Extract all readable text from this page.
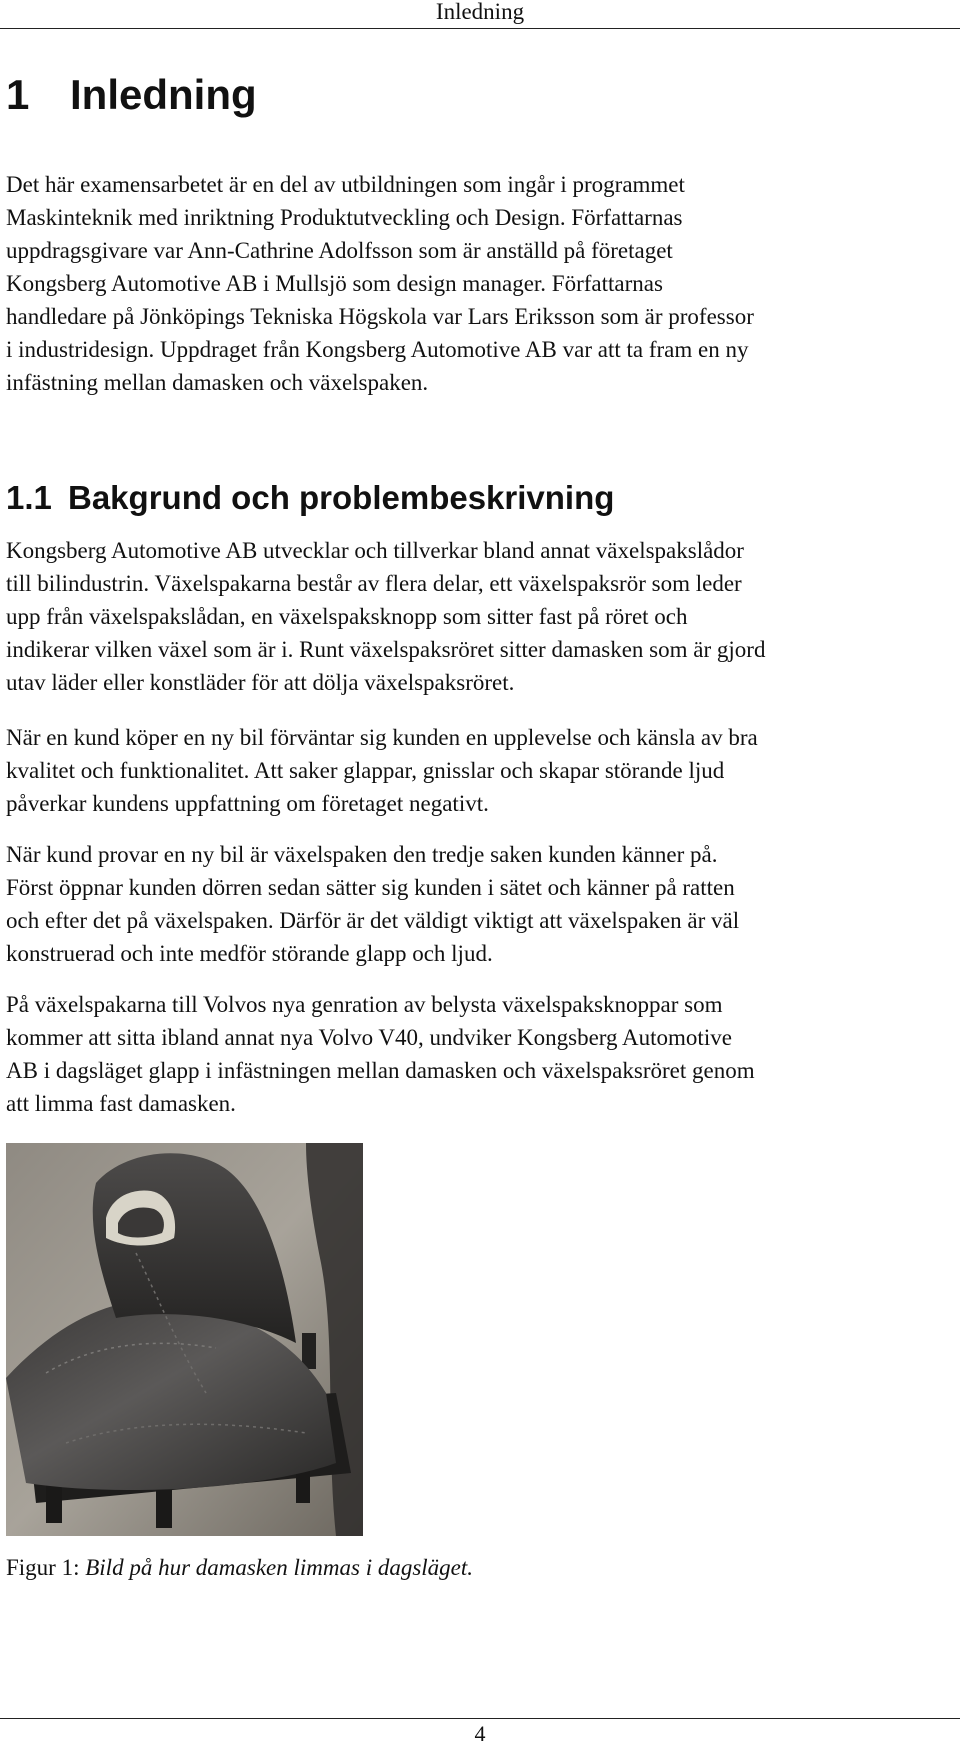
Inledning
1 Inledning

Det här examensarbetet är en del av utbildningen som ingår i programmet
Maskinteknik med inriktning Produktutveckling och Design. Författarnas
uppdragsgivare var Ann-Cathrine Adolfsson som är anställd på företaget
Kongsberg Automotive AB i Mullsjö som design manager. Författarnas
handledare på Jönköpings Tekniska Högskola var Lars Eriksson som är professor
i industridesign. Uppdraget från Kongsberg Automotive AB var att ta fram en ny
infästning mellan damasken och växelspaken.

1.1 Bakgrund och problembeskrivning

Kongsberg Automotive AB utvecklar och tillverkar bland annat växelspakslådor
till bilindustrin. Växelspakarna består av flera delar, ett växelspaksrör som leder
upp från växelspakslådan, en växelspaksknopp som sitter fast på röret och
indikerar vilken växel som är i. Runt växelspaksröret sitter damasken som är gjord
utav läder eller konstläder för att dölja växelspaksröret.

När en kund köper en ny bil förväntar sig kunden en upplevelse och känsla av bra
kvalitet och funktionalitet. Att saker glappar, gnisslar och skapar störande ljud
påverkar kundens uppfattning om företaget negativt.

När kund provar en ny bil är växelspaken den tredje saken kunden känner på.
Först öppnar kunden dörren sedan sätter sig kunden i sätet och känner på ratten
och efter det på växelspaken. Därför är det väldigt viktigt att växelspaken är väl
konstruerad och inte medför störande glapp och ljud.

På växelspakarna till Volvos nya genration av belysta växelspaksknoppar som
kommer att sitta ibland annat nya Volvo V40, undviker Kongsberg Automotive
AB i dagsläget glapp i infästningen mellan damasken och växelspaksröret genom
att limma fast damasken.

Figur 1: Bild på hur damasken limmas i dagsläget.

4
